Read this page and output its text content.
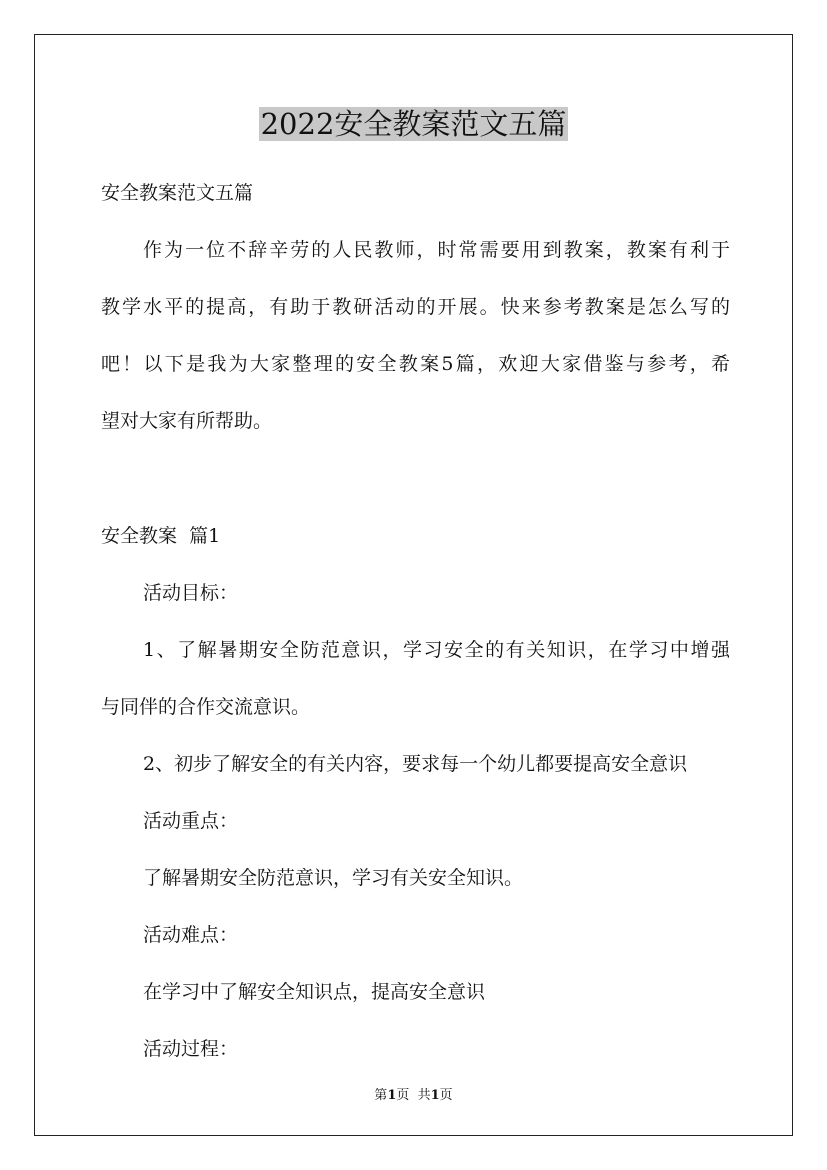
2022安全教案范文五篇

安全教案范文五篇

作为一位不辞辛劳的人民教师，时常需要用到教案，教案有利于
教学水平的提高，有助于教研活动的开展。快来参考教案是怎么写的
吧！以下是我为大家整理的安全教案5篇，欢迎大家借鉴与参考，希
望对大家有所帮助。

安全教案  篇1

活动目标：

1、了解暑期安全防范意识，学习安全的有关知识，在学习中增强
与同伴的合作交流意识。

2、初步了解安全的有关内容，要求每一个幼儿都要提高安全意识

活动重点：

了解暑期安全防范意识，学习有关安全知识。

活动难点：

在学习中了解安全知识点，提高安全意识

活动过程：

第1页  共1页
